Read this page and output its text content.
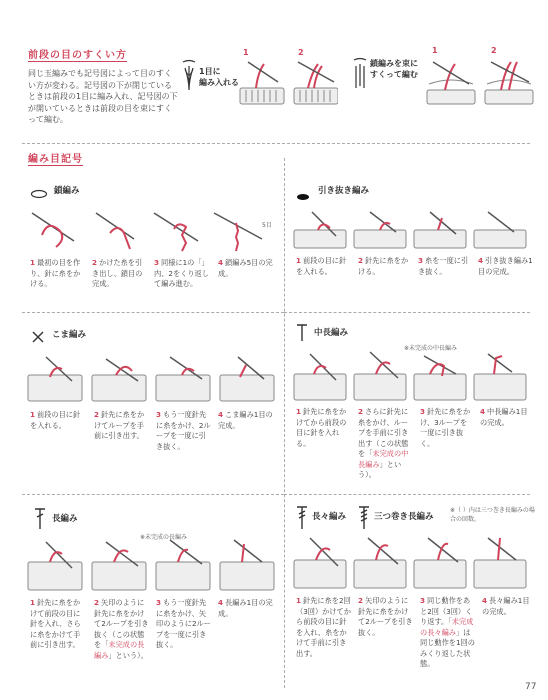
前段の目のすくい方
同じ玉編みでも記号図によって目のすくい方が変わる。記号図の下が閉じているときは前段の1目に編み入れ、記号図の下が開いているときは前段の目を束にすくって編む。
1目に
編み入れる
1	2
鎖編みを束に
すくって編む
1	2
編み目記号
鎖編み
5目
1 最初の目を作り、針に糸をかける。
2 かけた糸を引き出し、鎖目の完成。
3 同様に1の「」内、2をくり返して編み進む。
4 鎖編み5目の完成。
引き抜き編み
1 前段の目に針を入れる。
2 針先に糸をかける。
3 糸を一度に引き抜く。
4 引き抜き編み1目の完成。
こま編み
1 前段の目に針を入れる。
2 針先に糸をかけてループを手前に引き出す。
3 もう一度針先に糸をかけ、2ループを一度に引き抜く。
4 こま編み1目の完成。
中長編み
※未完成の中長編み
1 針先に糸をかけてから前段の目に針を入れる。
2 さらに針先に糸をかけ、ループを手前に引き出す（この状態を「未完成の中長編み」という）。
3 針先に糸をかけ、3ループを一度に引き抜く。
4 中長編み1目の完成。
長編み
※未完成の長編み
1 針先に糸をかけて前段の目に針を入れ、さらに糸をかけて手前に引き出す。
2 矢印のように針先に糸をかけて2ループを引き抜く（この状態を「未完成の長編み」という）。
3 もう一度針先に糸をかけ、矢印のように2ループを一度に引き抜く。
4 長編み1目の完成。
長々編み	三つ巻き長編み
※（ ）内は三つ巻き長編みの場合の回数。
1 針先に糸を2回（3回）かけてから前段の目に針を入れ、糸をかけて手前に引き出す。
2 矢印のように針先に糸をかけて2ループを引き抜く。
3 同じ動作をあと2回（3回）くり返す。「未完成の長々編み」は同じ動作を1回のみくり返した状態。
4 長々編み1目の完成。
77
